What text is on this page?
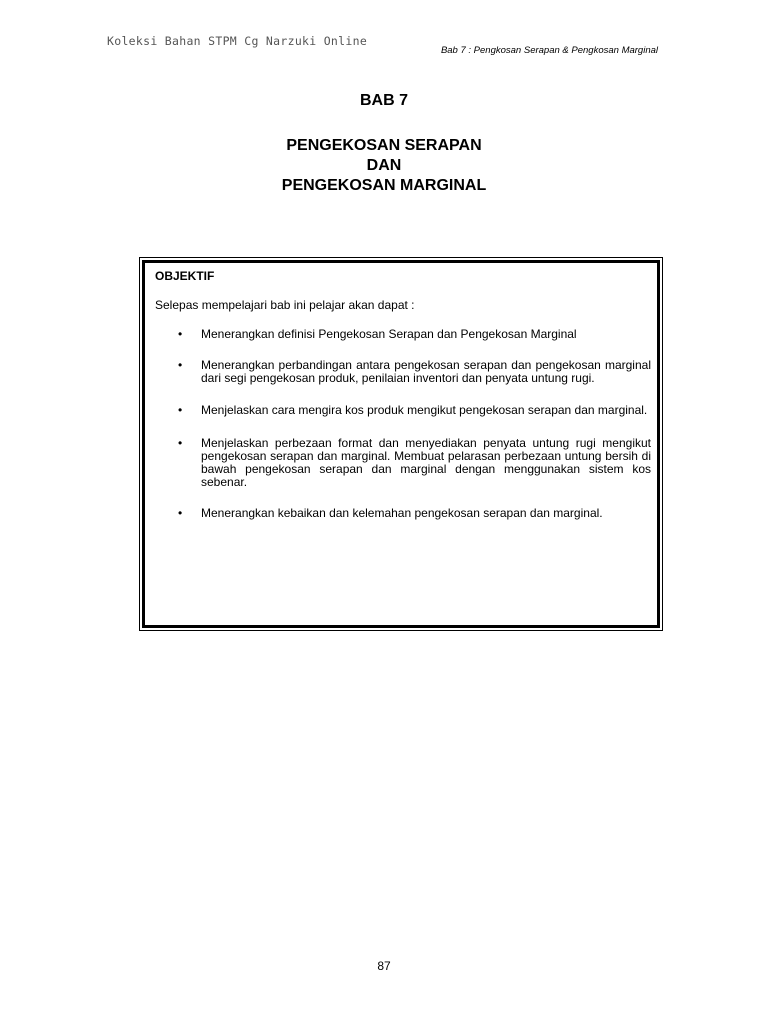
Koleksi Bahan STPM Cg Narzuki Online
Bab 7 : Pengkosan Serapan & Pengkosan Marginal
BAB 7
PENGEKOSAN SERAPAN
DAN
PENGEKOSAN MARGINAL
OBJEKTIF
Selepas mempelajari bab ini pelajar akan dapat :
• Menerangkan definisi Pengekosan Serapan dan Pengekosan Marginal
• Menerangkan perbandingan antara pengekosan serapan dan pengekosan marginal dari segi pengekosan produk, penilaian inventori dan penyata untung rugi.
• Menjelaskan cara mengira kos produk mengikut pengekosan serapan dan marginal.
• Menjelaskan perbezaan format dan menyediakan penyata untung rugi mengikut pengekosan serapan dan marginal. Membuat pelarasan perbezaan untung bersih di bawah pengekosan serapan dan marginal dengan menggunakan sistem kos sebenar.
• Menerangkan kebaikan dan kelemahan pengekosan serapan dan marginal.
87
